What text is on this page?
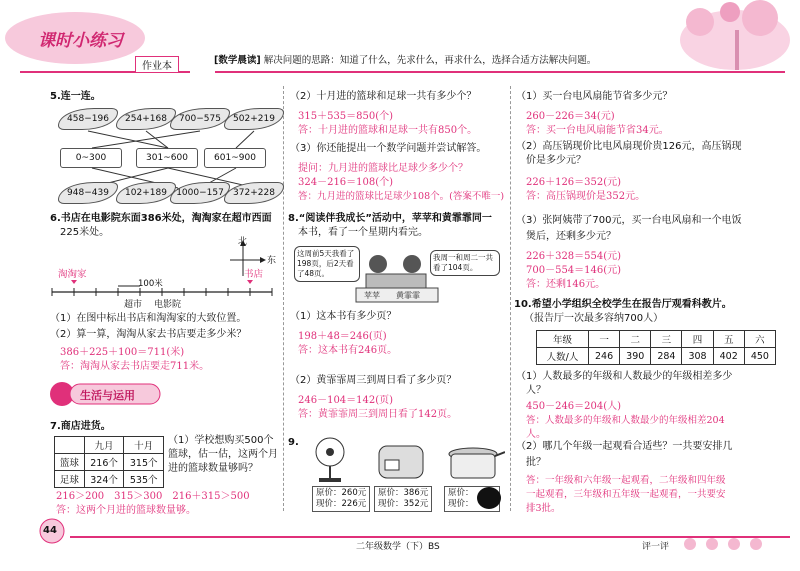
课时小练习
作业本
[数学晨读] 解决问题的思路：知道了什么，先求什么，再求什么，选择合适方法解决问题。
5.连一连。
458−196	254+168	700−575	502+219
0~300	301~600	601~900
948−439	102+189	1000−157	372+228
6.书店在电影院东面386米处，淘淘家在超市西面
225米处。
北
东
淘淘家	书店
100米
超市 电影院
（1）在图中标出书店和淘淘家的大致位置。
（2）算一算，淘淘从家去书店要走多少米？
386＋225＋100＝711(米)
答：淘淘从家去书店要走711米。
生活与运用
7.商店进货。
	九月	十月
篮球	216个	315个
足球	324个	535个
（1）学校想购买500个
篮球，估一估，这两个月
进的篮球数量够吗？
216＞200　315＞300　216＋315＞500
答：这两个月进的篮球数量够。
（2）十月进的篮球和足球一共有多少个？
315＋535＝850(个)
答：十月进的篮球和足球一共有850个。
（3）你还能提出一个数学问题并尝试解答。
提问：九月进的篮球比足球少多少个？
324－216＝108(个)
答：九月进的篮球比足球少108个。(答案不唯一)
8.“阅读伴我成长”活动中，苹苹和黄霏霏同一
本书，看了一个星期内看完。
这周前5天我看了198页，后2天看了48页。
我周一和周二一共看了104页。
苹苹 黄霏霏
（1）这本书有多少页？
198＋48＝246(页)
答：这本书有246页。
（2）黄霏霏周三到周日看了多少页？
246－104＝142(页)
答：黄霏霏周三到周日看了142页。
9.
原价：260元
现价：226元
原价：386元
现价：352元
原价：
现价：
（1）买一台电风扇能节省多少元？
260－226＝34(元)
答：买一台电风扇能节省34元。
（2）高压锅现价比电风扇现价贵126元，高压锅现
价是多少元？
226＋126＝352(元)
答：高压锅现价是352元。
（3）张阿姨带了700元，买一台电风扇和一个电饭
煲后，还剩多少元？
226＋328＝554(元)
700－554＝146(元)
答：还剩146元。
10.希望小学组织全校学生在报告厅观看科教片。
（报告厅一次最多容纳700人）
年级	一	二	三	四	五	六
人数/人	246	390	284	308	402	450
（1）人数最多的年级和人数最少的年级相差多少
人？
450－246＝204(人)
答：人数最多的年级和人数最少的年级相差204
人。
（2）哪几个年级一起观看合适些？一共要安排几
批？
答：一年级和六年级一起观看，二年级和四年级
一起观看，三年级和五年级一起观看，一共要安
排3批。
44
二年级数学（下）BS	评一评
